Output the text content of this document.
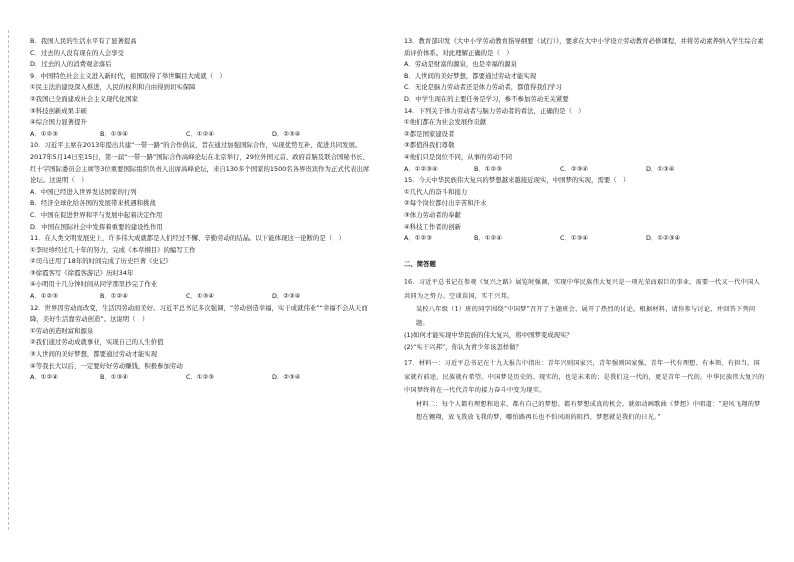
B．我国人民的生活水平有了显著提高
C．过去的人没有现在的人会享受
D．过去的人的消费观念落后
9．中国特色社会主义进入新时代，祖国取得了举世瞩目大成就（　）
①民主法治建设深入推进，人民的权利和自由得到切实保障
②我国已全面建成社会主义现代化国家
③科技创新成果丰硕
④综合国力显著提升
A．①②③	B．①③④	C．①②④	D．②③④
10．习近平主席在2013年提出共建“一带一路”的合作倡议，旨在通过加强国际合作，实现优势互补、促进共同发展。2017年5月14日至15日，第一届“一带一路”国际合作高峰论坛在北京举行，29位外国元首、政府首脑及联合国秘书长、红十字国际委员会主席等3位重要国际组织负责人出席高峰论坛，来自130多个国家的1500名各界贵宾作为正式代表出席论坛。这说明（　）
A．中国已经进入世界发达国家的行列
B．经济全球化给各国的发展带来机遇和挑战
C．中国在促进世界和平与发展中起着决定作用
D．中国在国际社会中发挥着重要的建设性作用
11．在人类文明发展史上，许多伟大成就都是人们经过不懈、辛勤劳动的结晶。以下能体现这一论断的是（　）
①李时珍经过几十年的努力，完成《本草纲目》的编写工作
②司马迁用了18年的时间完成了历史巨著《史记》
③徐霞客写《徐霞客游记》历时34年
④小明用十几分钟时间从同学那里抄完了作业
A．①②③	B．①②④	C．①③④	D．②③④
12．世界因劳动而改变，生活因劳动而美好。习近平总书记多次强调，“劳动创造幸福，实干成就伟业”“幸福不会从天而降，美好生活靠劳动创造”。这说明（　）
①劳动创造财富和源泉
②我们通过劳动成就事业，实现自己的人生价值
③人世间的美好梦想，都要通过劳动才能实现
④等我长大以后，一定要好好劳动赚钱，积极参加劳动
A．①②④	B．①③④	C．①②③	D．②③④
13．教育部印发《大中小学劳动教育指导纲要（试行）》，要求在大中小学设立劳动教育必修课程，并将劳动素养纳入学生综合素质评价体系。对此理解正确的是（　）
A．劳动是财富的源泉，也是幸福的源泉
B．人世间的美好梦想，都要通过劳动才能实现
C．无论是脑力劳动者还是体力劳动者，都值得我们学习
D．中学生现在的主要任务是学习，参不参加劳动无关紧要
14．下列关于体力劳动者与脑力劳动者的看法，正确的是（　）
①他们都在为社会发展作贡献
②都是国家建设者
③都值得我们尊敬
④他们只是岗位不同，从事的劳动不同
A．①②③④	B．①②③	C．②③④	D．①③④
15．今天中华民族伟大复兴的梦想越来越接近现实，中国梦的实现，需要（　）
①几代人的奋斗和接力
②每个岗位都付出辛苦和汗水
③体力劳动者的奉献
④科技工作者的创新
A．①②③	B．①②④	C．①③④	D．①②③④
二、简答题
16．习近平总书记在参观《复兴之路》展览时强调，实现中华民族伟大复兴是一项光荣而艰巨的事业，需要一代又一代中国人共同为之努力。空谈误国，实干兴邦。
某校八年级（1）班的同学围绕“中国梦”召开了主题班会，展开了热烈的讨论。根据材料，请你参与讨论，并回答下列问题。
(1)如何才能实现中华民族的伟大复兴，将中国梦变成现实？
(2)“实干兴邦”，你认为青少年该怎样做？
17．材料一：习近平总书记在十九大报告中指出：青年兴则国家兴，青年强则国家强。青年一代有理想、有本领、有担当，国家就有前途，民族就有希望。中国梦是历史的、现实的，也是未来的；是我们这一代的，更是青年一代的。中华民族伟大复兴的中国梦终将在一代代青年的接力奋斗中变为现实。
材料二：每个人都有理想和追求，都有自己的梦想。都有梦想成真的机会。就如动画歌曲《梦想》中唱道：“迎风飞翔的梦想在翱翔，放飞我放飞我的梦，哪怕路再长也不怕风雨的阻挡，梦想就是我们的日光。”
